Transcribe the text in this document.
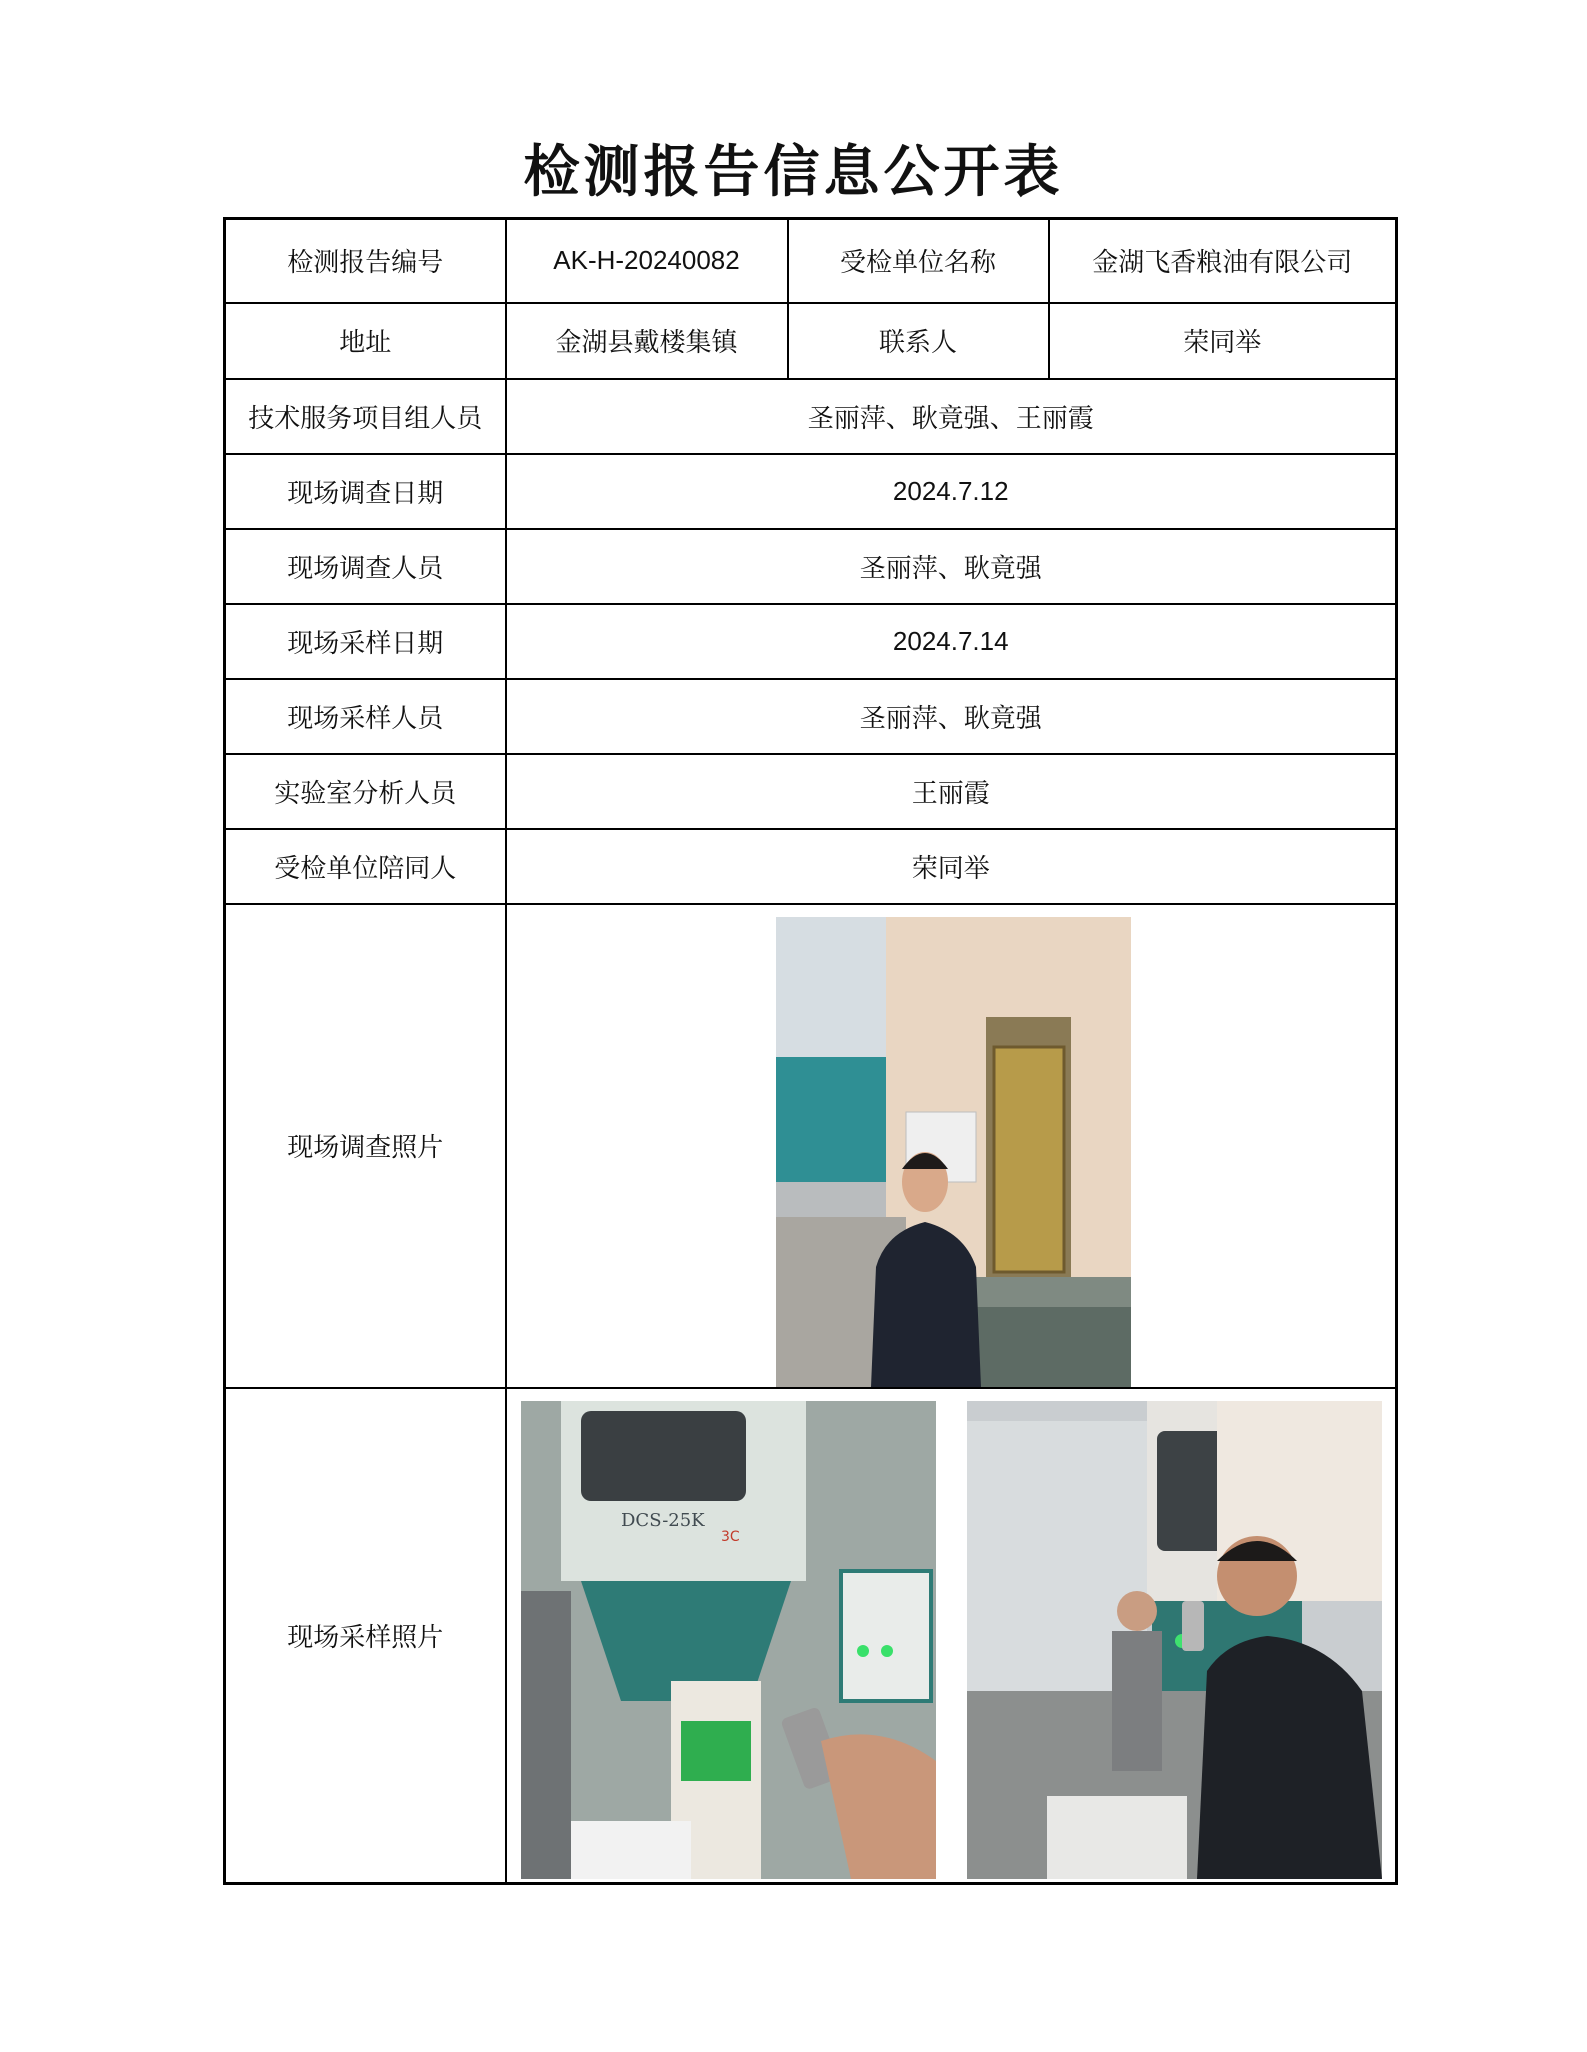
检测报告信息公开表
检测报告编号	AK-H-20240082	受检单位名称	金湖飞香粮油有限公司
地址	金湖县戴楼集镇	联系人	荣同举
技术服务项目组人员	圣丽萍、耿竟强、王丽霞		
现场调查日期	2024.7.12		
现场调查人员	圣丽萍、耿竟强		
现场采样日期	2024.7.14		
现场采样人员	圣丽萍、耿竟强		
实验室分析人员	王丽霞		
受检单位陪同人	荣同举		
现场调查照片			
现场采样照片			
DCS-25K
3C
